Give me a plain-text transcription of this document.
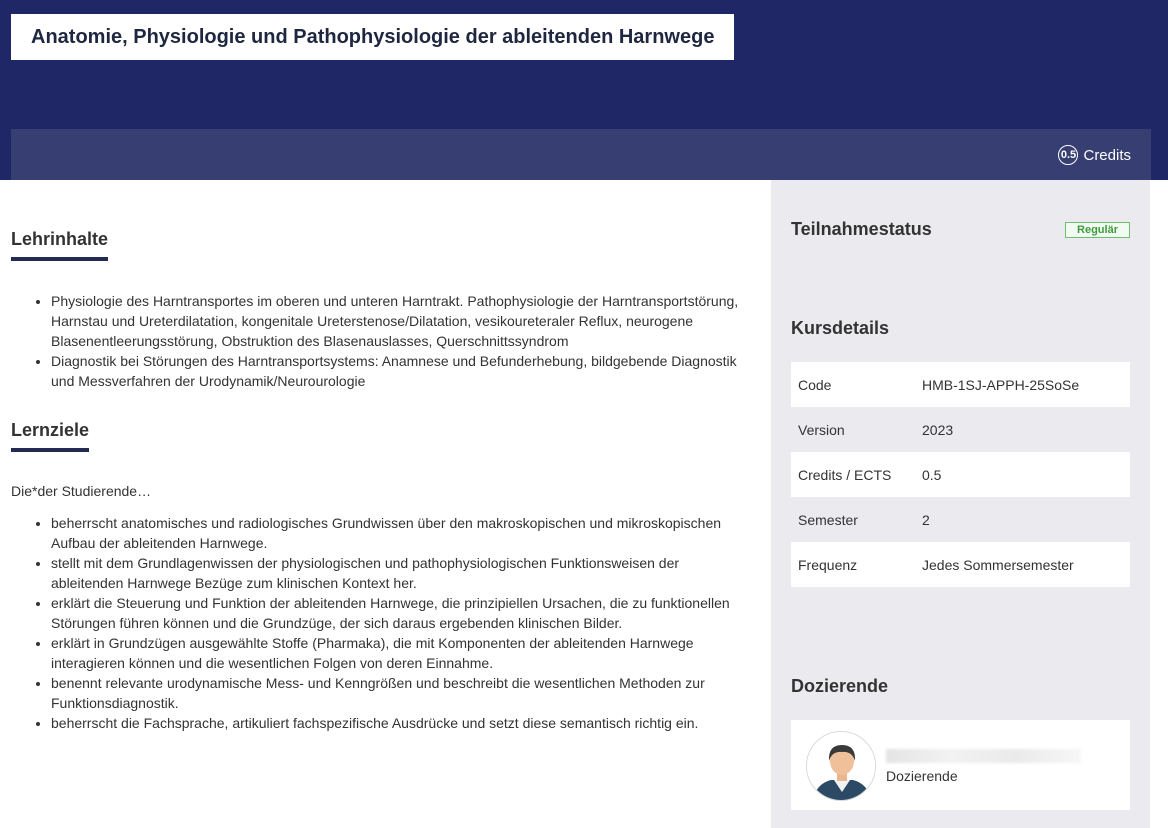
Anatomie, Physiologie und Pathophysiologie der ableitenden Harnwege
0.5 Credits
Lehrinhalte
• Physiologie des Harntransportes im oberen und unteren Harntrakt. Pathophysiologie der Harntransportstörung, Harnstau und Ureterdilatation, kongenitale Ureterstenose/Dilatation, vesikoureteraler Reflux, neurogene Blasenentleerungsstörung, Obstruktion des Blasenauslasses, Querschnittssyndrom
• Diagnostik bei Störungen des Harntransportsystems: Anamnese und Befunderhebung, bildgebende Diagnostik und Messverfahren der Urodynamik/Neurourologie
Lernziele

Die*der Studierende…

• beherrscht anatomisches und radiologisches Grundwissen über den makroskopischen und mikroskopischen Aufbau der ableitenden Harnwege.
• stellt mit dem Grundlagenwissen der physiologischen und pathophysiologischen Funktionsweisen der ableitenden Harnwege Bezüge zum klinischen Kontext her.
• erklärt die Steuerung und Funktion der ableitenden Harnwege, die prinzipiellen Ursachen, die zu funktionellen Störungen führen können und die Grundzüge, der sich daraus ergebenden klinischen Bilder.
• erklärt in Grundzügen ausgewählte Stoffe (Pharmaka), die mit Komponenten der ableitenden Harnwege interagieren können und die wesentlichen Folgen von deren Einnahme.
• benennt relevante urodynamische Mess- und Kenngrößen und beschreibt die wesentlichen Methoden zur Funktionsdiagnostik.
• beherrscht die Fachsprache, artikuliert fachspezifische Ausdrücke und setzt diese semantisch richtig ein.
Teilnahmestatus	Regulär
Kursdetails
Code	HMB-1SJ-APPH-25SoSe
Version	2023
Credits / ECTS	0.5
Semester	2
Frequenz	Jedes Sommersemester
Dozierende
Dozierende
